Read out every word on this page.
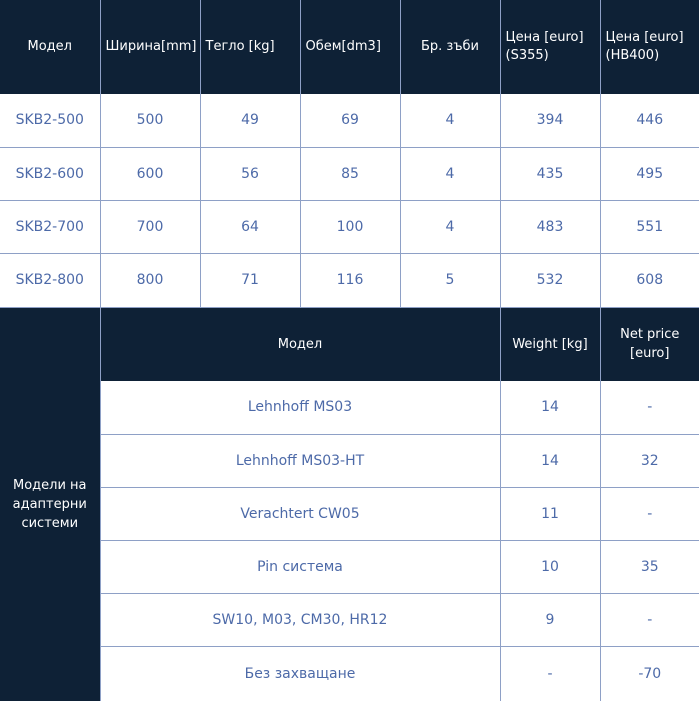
Модел	Ширина[mm]	Тегло [kg]	Обем[dm3]	Бр. зъби	Цена [euro] (S355)	Цена [euro] (HB400)
SKB2-500	500	49	69	4	394	446
SKB2-600	600	56	85	4	435	495
SKB2-700	700	64	100	4	483	551
SKB2-800	800	71	116	5	532	608
Модели на адаптерни системи	Модел	Weight [kg]	Net price [euro]
	Lehnhoff MS03	14	-
	Lehnhoff MS03-HT	14	32
	Verachtert CW05	11	-
	Pin система	10	35
	SW10, M03, CM30, HR12	9	-
	Без захващане	-	-70
